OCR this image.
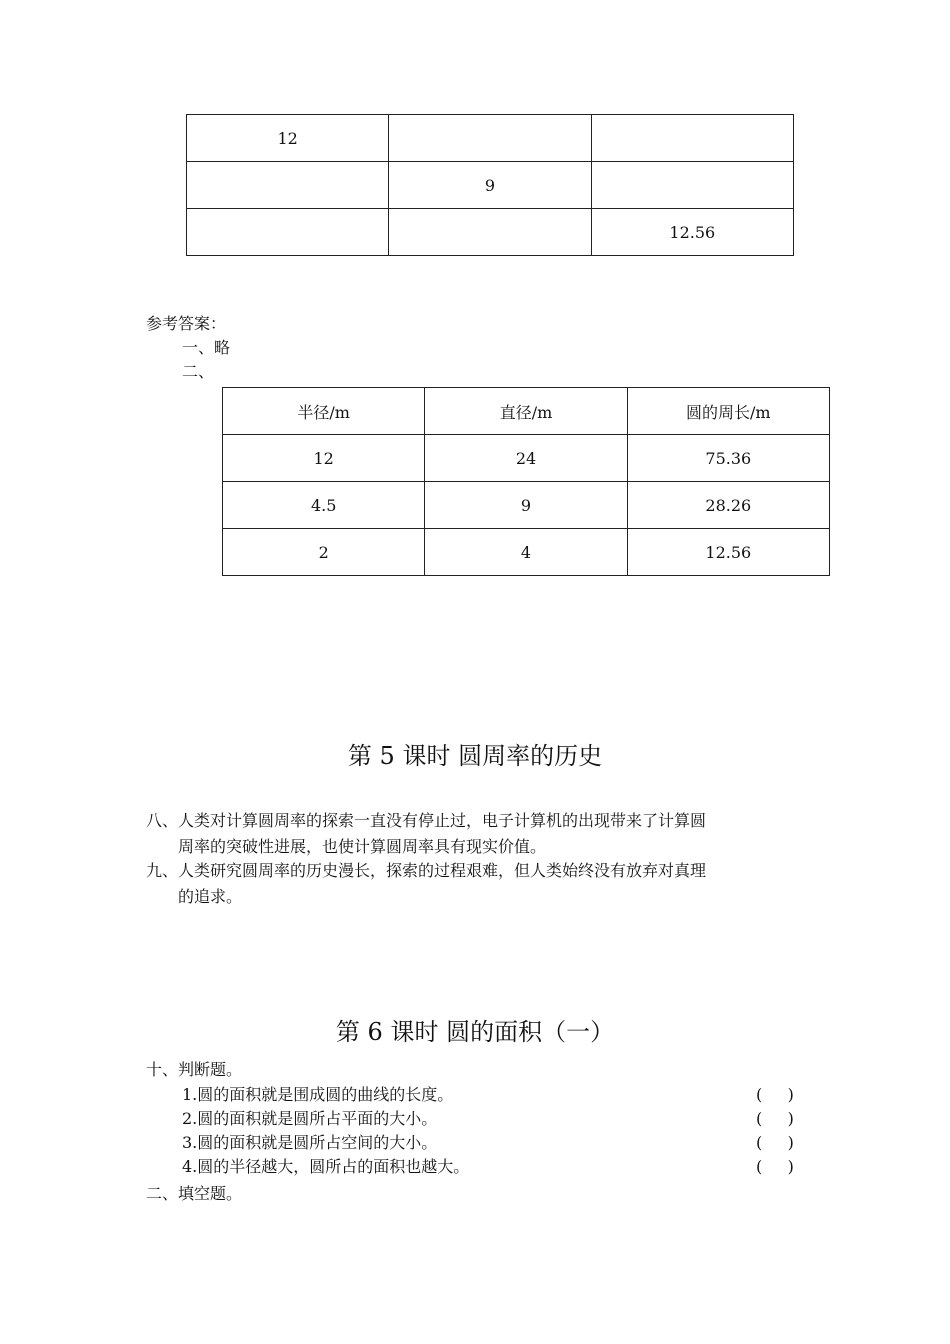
12		
	9	
		12.56
参考答案：
一、略
二、
半径/m	直径/m	圆的周长/m
12	24	75.36
4.5	9	28.26
2	4	12.56
第 5 课时 圆周率的历史
八、人类对计算圆周率的探索一直没有停止过，电子计算机的出现带来了计算圆
周率的突破性进展，也使计算圆周率具有现实价值。
九、人类研究圆周率的历史漫长，探索的过程艰难，但人类始终没有放弃对真理
的追求。
第 6 课时 圆的面积（一）
十、判断题。
1.圆的面积就是围成圆的曲线的长度。	(     )
2.圆的面积就是圆所占平面的大小。	(     )
3.圆的面积就是圆所占空间的大小。	(     )
4.圆的半径越大，圆所占的面积也越大。	(     )
二、填空题。
